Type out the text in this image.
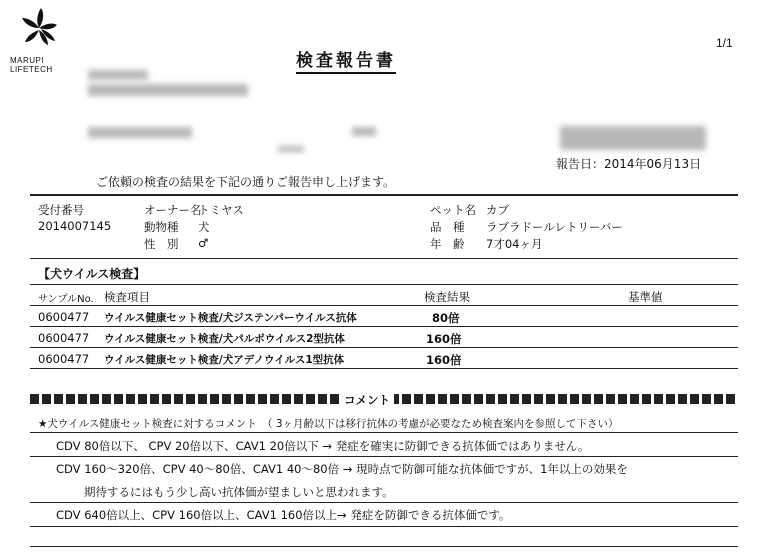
MARUPI
LIFETECH	検査報告書
1/1
報告日：2014年06月13日
ご依頼の検査の結果を下記の通りご報告申し上げます。
受付番号
2014007145
オーナー名
トミヤス
動物種 犬
性　別 ♂
ペット名 カブ
品　種 ラブラドールレトリーバー
年　齢 7才04ヶ月
【犬ウイルス検査】
サンプルNo. 検査項目	検査結果	基準値
0600477 ウイルス健康セット検査/犬ジステンパーウイルス抗体	80倍
0600477 ウイルス健康セット検査/犬パルボウイルス2型抗体	160倍
0600477 ウイルス健康セット検査/犬アデノウイルス1型抗体	160倍
コメント
★犬ウイルス健康セット検査に対するコメント　（ 3ヶ月齢以下は移行抗体の考慮が必要なため検査案内を参照して下さい）
CDV 80倍以下、 CPV 20倍以下、CAV1 20倍以下 → 発症を確実に防御できる抗体価ではありません。
CDV 160～320倍、CPV 40～80倍、CAV1 40～80倍 → 現時点で防御可能な抗体価ですが、1年以上の効果を
期待するにはもう少し高い抗体価が望ましいと思われます。
CDV 640倍以上、CPV 160倍以上、CAV1 160倍以上→ 発症を防御できる抗体価です。
